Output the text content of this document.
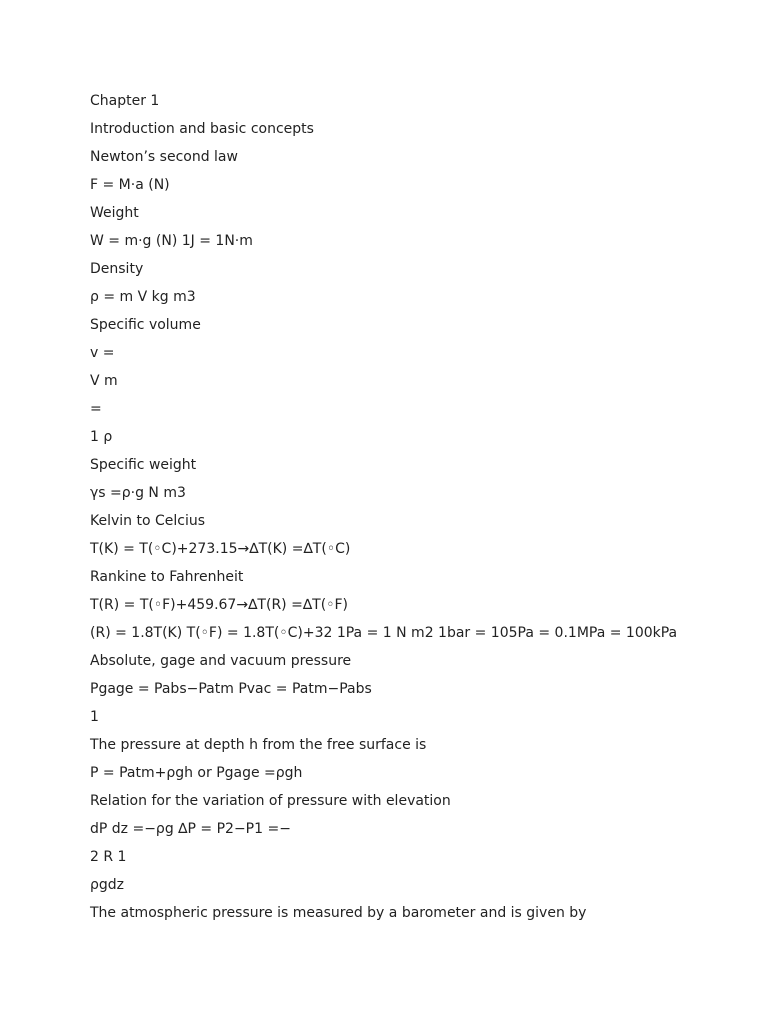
Chapter 1
Introduction and basic concepts
Newton’s second law
F = M·a (N)
Weight
W = m·g (N) 1J = 1N·m
Density
ρ = m V kg m3
Specific volume
v =
V m
=
1 ρ
Specific weight
γs =ρ·g N m3
Kelvin to Celcius
T(K) = T(◦C)+273.15→∆T(K) =∆T(◦C)
Rankine to Fahrenheit
T(R) = T(◦F)+459.67→∆T(R) =∆T(◦F)
(R) = 1.8T(K) T(◦F) = 1.8T(◦C)+32 1Pa = 1 N m2 1bar = 105Pa = 0.1MPa = 100kPa
Absolute, gage and vacuum pressure
Pgage = Pabs−Patm Pvac = Patm−Pabs
1
The pressure at depth h from the free surface is
P = Patm+ρgh or Pgage =ρgh
Relation for the variation of pressure with elevation
dP dz =−ρg ∆P = P2−P1 =−
2 R 1
ρgdz
The atmospheric pressure is measured by a barometer and is given by
